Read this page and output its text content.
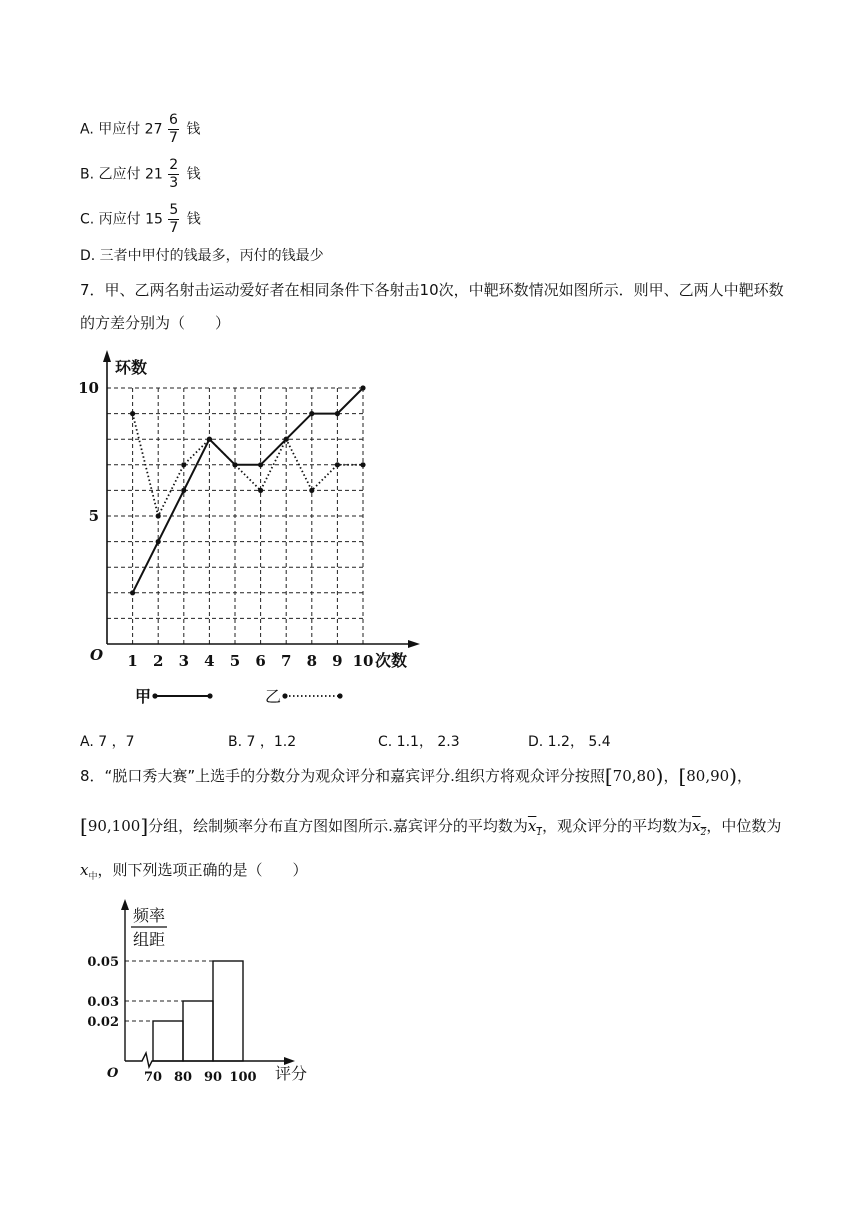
A. 甲应付 $27 \frac{6}{7}$ 钱
B. 乙应付 $21 \frac{2}{3}$ 钱
C. 丙应付 $15 \frac{5}{7}$ 钱
D. 三者中甲付的钱最多，丙付的钱最少
7．甲、乙两名射击运动爱好者在相同条件下各射击10次，中靶环数情况如图所示．则甲、乙两人中靶环数
的方差分别为（　　）
1 2 3 4 5 6 7 8 9 10
5
10
O
环数
次数
甲	乙
A. 7 ，7	B. 7 ，1.2	C. 1.1， 2.3	D. 1.2， 5.4
8．“脱口秀大赛”上选手的分数分为观众评分和嘉宾评分.组织方将观众评分按照[70,80)，[80,90)，
[90,100]分组，绘制频率分布直方图如图所示.嘉宾评分的平均数为$x_1$，观众评分的平均数为$x_2$，中位数为
$x_中$，则下列选项正确的是（　　）
频率
组距
0.02
0.03
0.05
70 80 90 100
O	评分
